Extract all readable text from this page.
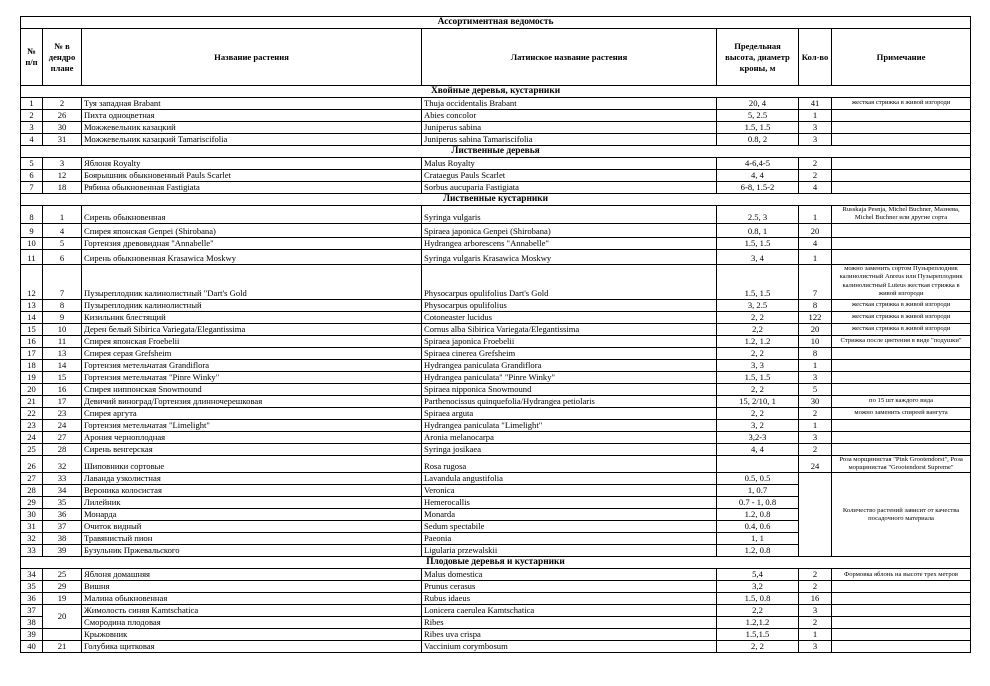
Ассортиментная ведомость						
№ п/п	№ в дендро плане	Название растения	Латинское название растения	Предельная высота, диаметр кроны, м	Кол-во	Примечание
Хвойные деревья, кустарники						
1	2	Туя западная Brabant	Thuja occidentalis Brabant	20, 4	41	жесткая стрижка в живой изгороди
2	26	Пихта одноцветная	Abies concolor	5, 2.5	1	
3	30	Можжевельник казацкий	Juniperus sabina	1.5, 1.5	3	
4	31	Можжевельник казацкий Tamariscifolia	Juniperus sabina Tamariscifolia	0.8, 2	3	
Лиственные деревья						
5	3	Яблоня Royalty	Malus Royalty	4-6,4-5	2	
6	12	Боярышник обыкновенный Pauls Scarlet	Crataegus Pauls Scarlet	4, 4	2	
7	18	Рябина обыкновенная Fastigiata	Sorbus aucuparia Fastigiata	6-8, 1.5-2	4	
Лиственные кустарники						
8	1	Сирень обыкновенная	Syringa vulgaris	2.5, 3	1	Russkaja Pesnja, Michel Buchner, Мазнева, Michel Buchner или другие сорта
9	4	Спирея японская Genpei (Shirobana)	Spiraea japonica Genpei (Shirobana)	0.8, 1	20	
10	5	Гортензия древовидная "Annabelle"	Hydrangea arborescens "Annabelle"	1.5, 1.5	4	
11	6	Сирень обыкновенная Krasawica Moskwy	Syringa vulgaris Krasawica Moskwy	3, 4	1	
12	7	Пузыреплодник калинолистный "Dart's Gold	Physocarpus opulifolius Dart's Gold	1.5, 1.5	7	можно заменить сортом Пузыреплодник калинолистный Anreus или Пузыреплодник калинолистный Luteus жесткая стрижка в живой изгороди
13	8	Пузыреплодник калинолистный	Physocarpus opulifolius	3, 2.5	8	жесткая стрижка в живой изгороди
14	9	Кизильник блестящий	Cotoneaster lucidus	2, 2	122	жесткая стрижка в живой изгороди
15	10	Дерен белый Sibirica Variegata/Elegantissima	Cornus alba Sibirica Variegata/Elegantissima	2,2	20	жесткая стрижка в живой изгороди
16	11	Спирея японская Froebelii	Spiraea japonica Froebelii	1.2, 1.2	10	Стрижка после цветения в виде "подушки"
17	13	Спирея серая Grefsheim	Spiraea cinerea Grefsheim	2, 2	8	
18	14	Гортензия метельчатая Grandiflora	Hydrangea paniculata Grandiflora	3, 3	1	
19	15	Гортензия метельчатая "Pinre Winky"	Hydrangea paniculata" "Pinre Winky"	1.5, 1.5	3	
20	16	Спирея ниппонская Snowmound	Spiraea nipponica Snowmound	2, 2	5	
21	17	Девичий виноград/Гортензия длинночерешковая	Parthenocissus quinquefolia/Hydrangea petiolaris	15, 2/10, 1	30	по 15 шт каждого вида
22	23	Спирея аргута	Spiraea arguta	2, 2	2	можно заменить спиреей вангута
23	24	Гортензия метельчатая "Limelight"	Hydrangea paniculata "Limelight"	3, 2	1	
24	27	Арония черноплодная	Aronia melanocarpa	3,2-3	3	
25	28	Сирень венгерская	Syringa josikaea	4, 4	2	
26	32	Шиповники сортовые	Rosa rugosa		24	Роза морщинистая "Pink Grootendorst", Роза морщинистая "Grootendorst Supreme"
27	33	Лаванда узколистная	Lavandula angustifolia	0.5, 0.5		Количество растений зависит от качества посадочного материала
28	34	Вероника колосистая	Veronica	1, 0.7		
29	35	Лилейник	Hemerocallis	0.7 - 1, 0.8		
30	36	Монарда	Monarda	1.2, 0.8		
31	37	Очиток видный	Sedum spectabile	0.4, 0.6		
32	38	Травянистый пион	Paeonia	1, 1		
33	39	Бузульник Пржевальского	Ligularia przewalskii	1.2, 0.8		
Плодовые деревья и кустарники						
34	25	Яблоня домашняя	Malus domestica	5,4	2	Формовка яблонь на высоте трех метров
35	29	Вишня	Prunus cerasus	3,2	2	
36	19	Малина обыкновенная	Rubus idaeus	1.5, 0.8	16	
37	20	Жимолость синяя Kamtschatica	Lonicera caerulea Kamtschatica	2,2	3	
38		Смородина плодовая	Ribes	1.2,1.2	2	
39		Крыжовник	Ribes uva crispa	1.5,1.5	1	
40	21	Голубика щитковая	Vaccinium corymbosum	2, 2	3	
